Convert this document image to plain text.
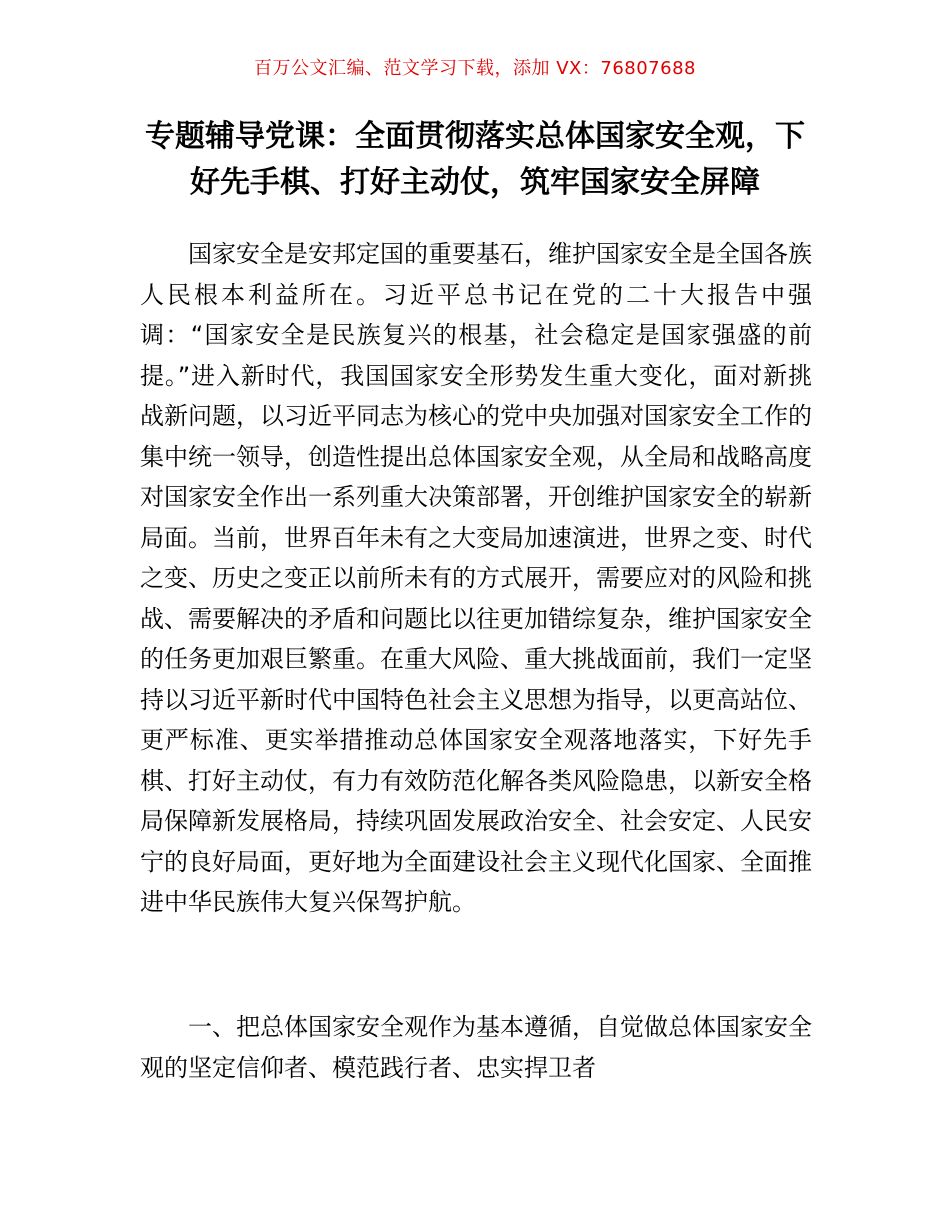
百万公文汇编、范文学习下载，添加 VX：76807688
专题辅导党课：全面贯彻落实总体国家安全观，下好先手棋、打好主动仗，筑牢国家安全屏障

国家安全是安邦定国的重要基石，维护国家安全是全国各族人民根本利益所在。习近平总书记在党的二十大报告中强调：“国家安全是民族复兴的根基，社会稳定是国家强盛的前提。”进入新时代，我国国家安全形势发生重大变化，面对新挑战新问题，以习近平同志为核心的党中央加强对国家安全工作的集中统一领导，创造性提出总体国家安全观，从全局和战略高度对国家安全作出一系列重大决策部署，开创维护国家安全的崭新局面。当前，世界百年未有之大变局加速演进，世界之变、时代之变、历史之变正以前所未有的方式展开，需要应对的风险和挑战、需要解决的矛盾和问题比以往更加错综复杂，维护国家安全的任务更加艰巨繁重。在重大风险、重大挑战面前，我们一定坚持以习近平新时代中国特色社会主义思想为指导，以更高站位、更严标准、更实举措推动总体国家安全观落地落实，下好先手棋、打好主动仗，有力有效防范化解各类风险隐患，以新安全格局保障新发展格局，持续巩固发展政治安全、社会安定、人民安宁的良好局面，更好地为全面建设社会主义现代化国家、全面推进中华民族伟大复兴保驾护航。

一、把总体国家安全观作为基本遵循，自觉做总体国家安全观的坚定信仰者、模范践行者、忠实捍卫者
